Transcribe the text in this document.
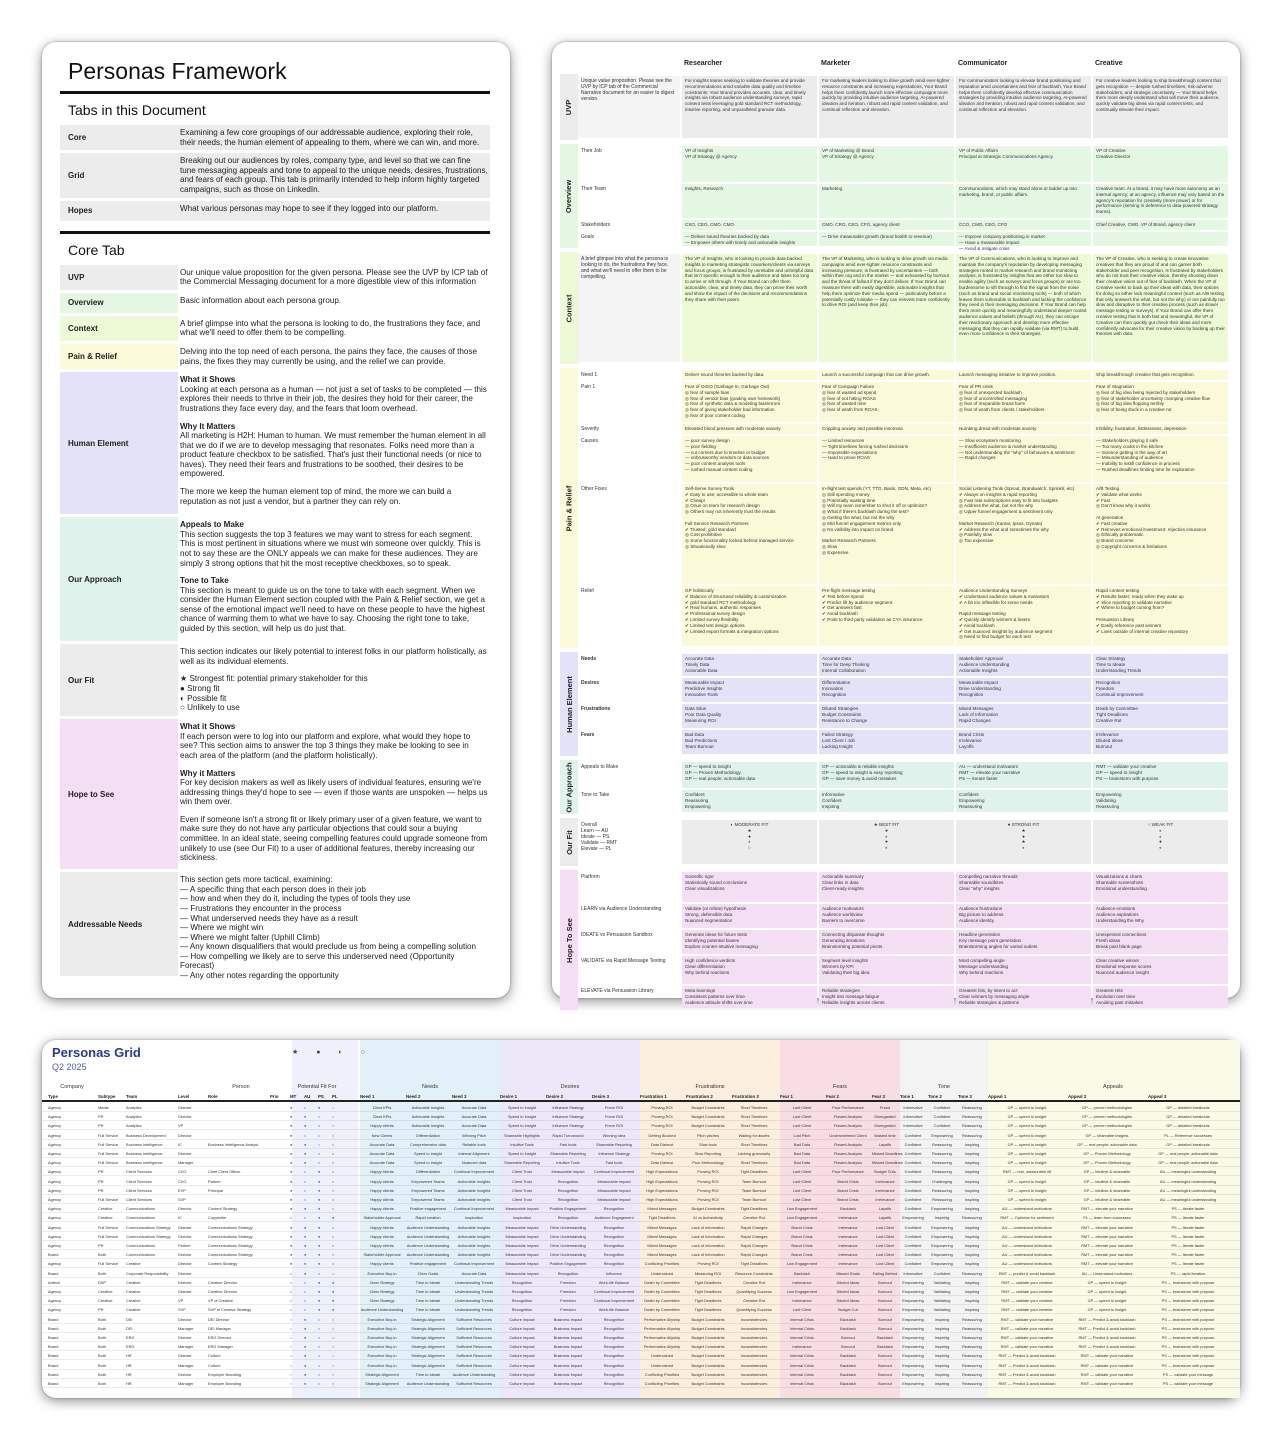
Personas Framework
Tabs in this Document
Core
Examining a few core groupings of our addressable audience, exploring their role, their needs, the human element of appealing to them, where we can win, and more.
Grid
Breaking out our audiences by roles, company type, and level so that we can fine tune messaging appeals and tone to appeal to the unique needs, desires, frustrations, and fears of each group. This tab is primarily intended to help inform highly targeted campaigns, such as those on LinkedIn.
Hopes	What various personas may hope to see if they logged into our platform.
Core Tab
UVP
Our unique value proposition for the given persona. Please see the UVP by ICP tab of the Commercial Messaging document for a more digestible view of this information
Overview	Basic information about each persona group.
Context
A brief glimpse into what the persona is looking to do, the frustrations they face, and what we'll need to offer them to be compelling.
Pain & Relief
Delving into the top need of each persona, the pains they face, the causes of those pains, the fixes they may currently be using, and the relief we can provide.
Human Element
What it Shows

Looking at each persona as a human — not just a set of tasks to be completed — this explores their needs to thrive in their job, the desires they hold for their career, the frustrations they face every day, and the fears that loom overhead.

Why It Matters

All marketing is H2H: Human to human. We must remember the human element in all that we do if we are to develop messaging that resonates. Folks need more than a product feature checkbox to be satisfied. That's just their functional needs (or nice to haves). They need their fears and frustrations to be soothed, their desires to be empowered.

The more we keep the human element top of mind, the more we can build a reputation as not just a vendor, but a partner they can rely on.

Our Approach
Appeals to Make

This section suggests the top 3 features we may want to stress for each segment. This is most pertinent in situations where we must win someone over quickly. This is not to say these are the ONLY appeals we can make for these audiences. They are simply 3 strong options that hit the most receptive checkboxes, so to speak.

Tone to Take

This section is meant to guide us on the tone to take with each segment. When we consider the Human Element section coupled with the Pain & Relief section, we get a sense of the emotional impact we'll need to have on these people to have the highest chance of warming them to what we have to say. Choosing the right tone to take, guided by this section, will help us do just that.

Our Fit

This section indicates our likely potential to interest folks in our platform holistically, as well as its individual elements.

★ Strongest fit: potential primary stakeholder for this
● Strong fit
◐ Possible fit
○ Unlikely to use
Hope to See
What it Shows

If each person were to log into our platform and explore, what would they hope to see? This section aims to answer the top 3 things they make be looking to see in each area of the platform (and the platform holistically).

Why it Matters

For key decision makers as well as likely users of individual features, ensuring we're addressing things they'd hope to see — even if those wants are unspoken — helps us win them over.

Even if someone isn't a strong fit or likely primary user of a given feature, we want to make sure they do not have any particular objections that could sour a buying committee. In an ideal state, seeing compelling features could upgrade someone from unlikely to use (see Our Fit) to a user of additional features, thereby increasing our stickiness.

Addressable Needs
This section gets more tactical, examining:
— A specific thing that each person does in their job
— how and when they do it, including the types of tools they use
— Frustrations they encounter in the process
— What underserved needs they have as a result
— Where we might win
— Where we might falter (Uphill Climb)
— Any known disqualifiers that would preclude us from being a compelling solution
— How compelling we likely are to serve this underserved need (Opportunity Forecast)
— Any other notes regarding the opportunity
Researcher	Marketer	Communicator	Creative
UVP
Unique value proposition. Please see the UVP by ICP tab of the Commercial Narrative document for an easier to digest version.
For insights teams seeking to validate theories and provide recommendations amid variable data quality and timeline constraints: Your Brand provides accurate, clear, and timely insights via robust audience understanding surveys, rapid content tests leveraging gold standard RCT methodology, intuitive reporting, and unparalleled granular data.
For marketing leaders looking to drive growth amid ever-tighter resource constraints and increasing expectations, Your Brand helps them confidently launch more effective campaigns more quickly by providing intuitive audience targeting, AI-powered ideation and iteration, robust and rapid content validation, and continual reflection and elevation.
For communicators looking to elevate brand positioning and reputation amid uncertainties and fear of backlash, Your Brand helps them confidently develop effective communication strategies by providing intuitive audience targeting, AI-powered ideation and iteration, robust and rapid content validation, and continual reflection and elevation.
For creative leaders looking to ship breakthrough content that gets recognition — despite rushed timelines, risk-adverse stakeholders, and strategic uncertainty — Your Brand helps them more deeply understand what will move their audience, quickly validate big ideas via rapid content tests, and continually elevate their impact.
Overview
Their Job	VP of Insights
VP of Strategy @ Agency
VP of Marketing @ Brand
VP of Strategy @ Agency
VP of Public Affairs
Principal at Strategic Communications Agency
VP of Creative
Creative Director
Their Team	Insights, Research	Marketing	Communications, which may stand alone or ladder up into marketing, brand, or public affairs.
Creative team. At a brand, it may have more autonomy as an internal agency; at an agency, influence may vary based on the agency's reputation for creativity (more power) or for performance (serving in deference to data-powered strategy teams).
Stakeholders	CSO, CEO, CMO, CMO	CMO, CRO, CEO, CFO, agency client	CCO, CMO, CEO, CFO	Chief Creative, CMO, VP of Brand, agency client
Goals	— Deliver sound theories backed by data
— Empower others with timely and actionable insights
— Drive measurable growth (brand health to revenue)	— Improve company positioning in market
— Have a measurable impact
— Avoid & mitigate crisis
Context
A brief glimpse into what the persona is looking to do, the frustrations they face, and what we'll need to offer them to be compelling.
The VP of Insights, who is looking to provide data-backed insights to marketing strategists coworkers/clients via surveys and focus groups, is frustrated by unreliable and unhelpful data that isn't specific enough to their audience and takes too long to arrive or sift through. If Your Brand can offer them actionable, clear, and timely data, they can prove their worth and show the impact of the decisions and recommendations they share with their peers.
The VP of Marketing, who is looking to drive growth via media campaigns amid ever-tighter resource constraints and increasing pressure, is frustrated by uncertainties — both within their org and in the market — and exhausted by burnout and the threat of fallout if they don't deliver. If Your Brand can reassure them with easily digestible, actionable insights that help them optimize their media spend — particularly before a potentially costly mistake — they can reinvest more confidently to drive ROI (and keep their job).
The VP of Communications, who is looking to improve and maintain the company's reputation by developing messaging strategies rooted in market research and brand monitoring analysis, is frustrated by insights that are either too slow to enable agility (such as surveys and focus groups) or are too burdensome to sift through to find the signal from the noise (such as brand and social monitoring tools) — both of which leaves them vulnerable to backlash and lacking the confidence they need in their messaging decisions. If Your Brand can help them more quickly and meaningfully understand deeper rooted audience values and beliefs (through AU), they can escape their reactionary approach and develop more effective messaging that they can rapidly validate (via RMT) to build even more confidence in their strategies.
The VP of Creative, who is seeking to create innovative creatives that they are proud of and can garner both stakeholder and peer recognition, is frustrated by stakeholders who do not trust their creative vision, thereby shooting down their creative vision out of fear of backlash. When the VP of Creative seeks to back up their ideas with data, their options for doing so either lack meaningful context (such as A/B testing that only answers the what, but not the why) or are painfully too slow and disruptive to their creative process (such as slower message testing or surveys). If Your Brand can offer them creative testing that is both fast and meaningful, the VP of Creative can then quickly gut check their ideas and more confidently advocate for their creative vision by backing up their theories with data.
Pain & Relief
Need 1	Deliver sound theories backed by data.	Launch a successful campaign that can drive growth.	Launch messaging initiative to improve position.	Ship breakthrough creative that gets recognition.
Pain 1	Fear of GIGO (Garbage In, Garbage Out)
◎ fear of sample bias
◎ fear of vendor bias (grading own homework)
◎ fear of synthetic data & modeling bias/errors
◎ fear of giving stakeholder bad information
◎ fear of poor content coding
Fear of Campaign Failure
◎ fear of wasted ad spend
◎ fear of not hitting ROAS
◎ fear of wasted time
◎ fear of wrath from ROAS
Fear of PR crisis
◎ fear of unexpected backlash
◎ fear of uncontrolled messaging
◎ fear of irreparable brand harm
◎ fear of wrath from clients / stakeholders
Fear of Stagnation
◎ fear of big idea being rejected by stakeholders
◎ fear of stakeholder uncertainty cramping creative flow
◎ fear of big idea flopping terribly
◎ fear of being stuck in a creative rut
Severity	Elevated blood pressure with moderate anxiety	Crippling anxiety and possible insomnia	Numbing dread with moderate anxiety	Irritibility, frustration, listlessness, depression
Causes	— poor survey design
— poor fielding
— cut corners due to timeline or budget
— unbrusworthy vendors or data sources
— poor content analysis tools
— rushed manual content coding
— Limited resources
— Tight timelines forcing rushed decisions
— Impossible expectations
— Hard to prove ROAS
— Slow ecosystem monitoring
— Insufficient audience & market understanding
— Not understanding the "why" of behaviors & sentiment
— Rapid changes
— Stakeholders playing it safe
— Too many cooks in the kitchen
— Science getting in the way of art
— Misunderstanding of audience
— Inability to instill confidence in process
— Rushed deadlines limiting time for exploration
Other Fixes	Self-Serve Survey Tools
✔ Easy to use; accessible to whole team
✔ Cheap!
◎ Onus on team for research design
◎ Others may not inherently trust the results

Full Service Research Partners
✔ Trusted; gold standard
◎ Cost prohibitive
◎ Some functionality locked behind managed service
◎ Situationally slow
In-flight test spends (YT, TTD, Basis, GDN, Meta, etc)
◎ Still spending money
◎ Potentially wasting time
◎ Will my team remember to shut it off or optimize?
◎ What if there's backlash during the test?
◎ Getting the what, but not the why
◎ Mid funnel engagement metrics only
◎ No visibility into impact on brand

Market Research Partners
◎ Slow
◎ Expensive
Social Listening Tools (Sprout, Brandwatch, Sprinklr, etc)
✔ Always on insights & rapid reporting
◎ Fast rate subscriptions easy to fit into budgets
◎ Address the what, but not the why
◎ Upper funnel engagement & sentiment only

Market Research (Kantar, Ipsos, Dynata)
✔ Address the what and sometimes the why
◎ Painfully slow
◎ Too expensive
A/B Testing
✔ Validate what works
✔ Fast
◎ Don't know why it works

AI generation
✔ Fast creative
✔ Removes emotional investment: rejection insurance
◎ Ethically problematic
◎ Brand concerns
◎ Copyright concerns & limitations
Relief	GP holistically
✔ Balance of structured reliability & customization
✔ gold standard RCT methodology
✔ Real humans, authentic responses
✔ Professional survey design
✔ Limited survey flexibility
✔ Limited test design options
✔ Limited export formats & integration options
Pre-flight message testing
✔ Test before spend
✔ Predict lift by audience segment
✔ Get answers fast
✔ Avoid backlash
✔ Point to third party validation as CYA insurance
Audience Understanding Surveys
✔ Understand audience values & motivators
✔ A bit too inflexible for some needs

Rapid message testing
✔ Quickly identify winners & losers
✔ Avoid backlash
✔ Get nuanced insights by audience segment
◎ Need to find budget for each test
Rapid content testing
✔ Results faster; ready when they wake up
✔ Slice reporting to validate narrative
✔ Where to budget coming from?

Persuasion Library
✔ Easily reference past winners
✔ Lives outside of internal creative repository
Human Element
Needs	Accurate Data
Timely Data
Actionable Data
Accurate Data
Time for Deep Thinking
Internal Collaboration
Stakeholder Approval
Audience Understanding
Actionable Insights
Clear Strategy
Time to Ideate
Understanding Trends
Desires	Measurable Impact
Predictive Insights
Innovative Tools
Differentiation
Innovation
Recognition
Measurable Impact
Drive Understanding
Recognition
Recognition
Freedom
Continual Improvement
Frustrations	Data Silos
Poor Data Quality
Measuring ROI
Diluted Strategies
Budget Constraints
Resistance to Change
Mixed Messages
Lack of Information
Rapid Changes
Death by Committee
Tight Deadlines
Creative Rut
Fears	Bad Data
Bad Predictions
Team Burnout
Failed Strategy
Lost Client / Job
Lacking Insight
Brand Crisis
Irrelevance
Layoffs
Irrelevance
Diluted Ideas
Burnout
Our Approach	Appeals to Make	GP — speed to insight
GP — Proven Methodology
GP — real people; actionable data
GP — actionable & reliable insights
GP — speed to insight & easy reporting
GP — save money & avoid mistakes
AU — understand motivators
RMT — elevate your narrative
PS — iterate faster
RMT — validate your creative
GP — speed to insight
PS — brainstorm with purpose
Tone to Take	Confident
Reassuring
Empowering
Informative
Confident
Inspiring
Confident
Empowering
Reassuring
Empowering
Validating
Reassuring
Our Fit
Overall
Learn — AU
Ideate — PS
Validate — RMT
Elevate — PL
◐ MODERATE FIT
★
●
◐
○
★ BEST FIT
●
◐
●
◐
● STRONG FIT
★
●
★
◐
○ WEAK FIT
◐
◐
●
◐
Hope To See
Platform	Scientific rigor
Statistically sound conclusions
Clear visualizations
Actionable summary
Clear links in data
Client-ready insights
Compelling narrative threads
Shareable soundbites
Clear "why" insights
Visualizations & charts
Shareable screenshots
Emotional understanding
LEARN via Audience Understanding	Validate (or refute) hypothesis
Strong, defensible data
Nuanced segmentation
Audience motivators
Audience worldview
Barriers to overcome
Audience frustrations
Big picture to address
Audience identity
Audience emotions
Audience aspirations
Understanding the Why
IDEATE vs Persuasion Sandbox	Generate ideas for future tests
Identifying potential biases
Explore counter-intuitive messaging
Connecting disparate thoughts
Generating iterations
Brainstorming potential pivots
Headline generation
Key message point generation
Brainstorming angles for varied outlets
Unexpected connections
Fresh ideas
Break past blank page
VALIDATE via Rapid Message Testing	High confidence verdicts
Clear differentiation
Why behind reactions
Segment level insights
Winners by KPI
Validating their big idea
Most compelling angle
Message understanding
Why behind reactions
Clear creative winner
Emotional response scores
Nuanced audience insight
ELEVATE via Persuasion Library	Meta learnings
Consistent patterns over time
Audience attitude shifts over time
Reliable strategies
Insight into message fatigue
Reliable insights across clients
Greatest hits, by intent to act
Clear winners by messaging angle
Reliable strategies & patterns
Greatest Hits
Evolution over time
Avoiding past mistakes
Personas Grid
Q2 2025
★ ● ◐ ○
Company	Person	Potential Fit For	Needs	Desires	Frustrations	Fears	Tone	Appeals
Type	Subtype	Team	Level	Role	Prio	MT	AU	PS	PL	Need 1	Need 2	Need 3	Desire 1	Desire 2	Desire 3	Frustration 1	Frustration 2	Frustration 3	Fear 1	Fear 2	Fear 3	Tone 1	Tone 2	Tone 3	Appeal 1	Appeal 2	Appeal 3
Agency	Media	Analytics	Director	●	◐	●	○	Clear KPIs	Actionable Insights	Accurate Data	Speed to Insight	Influence Strategy	Prove ROI	Proving ROI	Budget Constraints	Short Timelines	Lost Client	Poor Performance	Fraud	Informative	Confident	Reassuring	GP — speed to insight	GP — proven methodologies	GP — detailed breakouts
Agency	PR	Analytics	Director	●	●	◐	○	Clear KPIs	Actionable Insights	Accurate Data	Speed to Insight	Influence Strategy	Prove ROI	Proving ROI	Budget Constraints	Short Timelines	Lost Client	Flawed Analysis	Disregarded	Informative	Confident	Reassuring	GP — speed to insight	GP — proven methodologies	GP — detailed breakouts
Agency	PR	Analytics	VP	●	●	◐	○	Happy clients	Actionable Insights	Accurate Data	Speed to Insight	Influence Strategy	Prove ROI	Proving ROI	Budget Constraints	Short Timelines	Lost Client	Flawed Analysis	Disregarded	Informative	Confident	Reassuring	GP — speed to insight	GP — proven methodologies	GP — detailed breakouts
Agency	Full Service	Business Development	Director	●	◐	◐	○	New Clients	Differentiation	Winning Pitch	Shareable Highlights	Rapid Turnaround	Winning Idea	Getting Blocked	Pitch pitches	Waiting for assets	Lost Pitch	Underwhelmed Client	Wasted time	Confident	Empowering	Reassuring	GP — speed to insight	GP — shareable insights	PL — Reference successes
Agency	Full Service	Business Intelligence	IC	Business Intelligence Analyst	●	●	○	◐	Accurate Data	Comprehensive data	Reliable tools	Intuitive Tools	Fast tools	Shareable Reporting	Data Distrust	Slow tools	Short Timelines	Bad Data	Flawed Analysis	Layoffs	Confident	Reassuring	Inspiring	GP — speed to insight	GP — real people; actionable data	GP — detailed breakouts
Agency	Full Service	Business Intelligence	Director	●	●	◐	◐	Accurate Data	Speed to insight	Internal Alignment	Speed to Insight	Shareable Reporting	Influence Strategy	Proving ROI	Slow Reporting	Lacking granularity	Bad Data	Flawed Analysis	Missed Deadlines Confident	Reassuring	Inspiring	GP — speed to insight	GP — Proven Methodology	GP — real people; actionable data
Agency	Full Service	Business Intelligence	Manager	●	●	◐	◐	Accurate Data	Speed to insight	Nuanced data	Shareable Reporting	Intuitive Tools	Fast tools	Data Distrust	Poor Methodology	Short Timelines	Bad Data	Flawed Analysis	Missed Deadlines Confident	Reassuring	Inspiring	GP — speed to insight	GP — Proven Methodology	GP — real people; actionable data
Agency	PR	Client Services	CXO	Chief Client Officer	●	◐	●	◐	Happy clients	Differentiation	Continual Improvement	Client Trust	Measurable Impact	Continual Improvement	High Expectations	Proving ROI	Tight Deadlines	Lost Client	Poor Performance	Budget Cuts	Confident	Reassuring	Inspiring	RMT — real, measurable lift	GP — intuitive & shareable	AU — meaningful understanding
Agency	PR	Client Services	CXO	Partner	●	◐	●	◐	Happy clients	Empowered Teams	Actionable Insights	Client Trust	Recognition	Measurable Impact	High Expectations	Proving ROI	Team Burnout	Lost Client	Brand Crisis	Irrelevance	Confident	Challenging	Inspiring	GP — speed to insight	GP — intuitive & shareable	AU — meaningful understanding
Agency	PR	Client Services	EVP	Principal	●	◐	●	◐	Happy clients	Empowered Teams	Actionable Insights	Client Trust	Recognition	Measurable Impact	High Expectations	Proving ROI	Team Burnout	Lost Client	Brand Crisis	Irrelevance	Confident	Reassuring	Inspiring	GP — speed to insight	GP — intuitive & shareable	AU — meaningful understanding
Agency	Full Service	Client Services	SVP	●	◐	●	◐	Happy clients	Empowered Teams	Actionable Insights	Client Trust	Recognition	Measurable Impact	High Expectations	Proving ROI	Team Burnout	Lost Client	Brand Crisis	Irrelevance	Confident	Reassuring	Inspiring	GP — speed to insight	GP — intuitive & shareable	AU — meaningful understanding
Agency	Creative	Communications	Director	Content Strategy	●	●	●	◐	Happy clients	Positive engagement	Continual Improvement	Measurable Impact	Positive Engagement	Recognition	Mixed Messages	Budget Constraints	Tight Deadlines	Low Engagement	Backlash	Layoffs	Confident	Empowering	Inspiring	AU — understand motivators	RMT — elevate your narrative	PS — iterate faster
Agency	Creative	Communications	IC	Copywriter	◐	◐	●	●	Stakeholder Approval	Rapid creation	Inspiration	Inspiration	Recognition	Audience Engagement	Tight Deadlines	AI vs Authenticity	Creative Rut	Low Engagement	Irrelevance	Layoffs	Empowering	Inspiring	Reassuring	RMT — Optimize for sentiment	PL — learn from successes	PS — Iterate faster
Agency	Full Service	Communications Strategy	Director	Communications Strategy	●	●	●	◐	Happy clients	Audience Understanding	Actionable Insights	Measurable Impact	Drive Understanding	Recognition	Mixed Messages	Lack of Information	Rapid Changes	Brand Crisis	Irrelevance	Lost Client	Confident	Empowering	Inspiring	AU — understand motivators	RMT — elevate your narrative	PS — Iterate faster
Agency	Full Service	Communications Strategy	Director	Communications Strategy	●	●	●	◐	Happy clients	Audience Understanding	Actionable Insights	Measurable Impact	Drive Understanding	Recognition	Mixed Messages	Lack of Information	Rapid Changes	Brand Crisis	Irrelevance	Lost Client	Confident	Empowering	Inspiring	AU — understand motivators	RMT — elevate your narrative	PS — Iterate faster
Agency	PR	Communications	Partner	Communications Strategy	●	●	●	◐	Happy clients	Audience Understanding	Actionable Insights	Measurable Impact	Drive Understanding	Recognition	Mixed Messages	Lack of Information	Rapid Changes	Brand Crisis	Irrelevance	Lost Client	Confident	Empowering	Inspiring	AU — understand motivators	RMT — elevate your narrative	PS — Iterate faster
Brand	Both	Communications	Director	Communications Strategy	●	●	●	◐	Stakeholder Approval	Audience Understanding	Actionable Insights	Measurable Impact	Drive Understanding	Recognition	Mixed Messages	Lack of Information	Rapid Changes	Brand Crisis	Irrelevance	Lost Client	Confident	Empowering	Inspiring	AU — understand motivators	RMT — elevate your narrative	PS — Iterate faster
Agency	Full Service	Creative	Director	Content Strategy	●	●	●	◐	Happy clients	Positive engagement	Continual Improvement	Measurable Impact	Positive Engagement	Recognition	Conflicting Priorities	Proving ROI	Tight Deadlines	Low Engagement	Irrelevance	Lost Client	Confident	Empowering	Inspiring	AU — understand motivators	RMT — elevate your narrative	PS — Iterate faster
Brand	Both	Corporate Responsibility	Director	◐	●	◐	○	Executive Buy-in	Clear Goals	Accurate Data	Measurable Impact	Recognition	Influence	Undervalued	Measuring ROI	Resource Constraints	Backlash	Missed Goals	Falling Behind	Informative	Confident	Reassuring	RMT — predict & avoid backlash	AU — Understand motivators	PS — rapid iteration
Adtech	DSP	Creative	Director	Creative Director	◐	◐	●	●	Clear Strategy	Time to Ideate	Understanding Trends	Recognition	Freedom	Work-life Balance	Death by Committee	Tight Deadlines	Creative Rut	Irrelevance	Diluted Ideas	Burnout	Empowering	Validating	Inspiring	RMT — validate your creative	GP — speed to insight	PS — brainstorm with purpose
Agency	Creative	Creative	Director	Creative Director	◐	◐	●	●	Clear Strategy	Time to Ideate	Understanding Trends	Recognition	Freedom	Continual Improvement	Death by Committee	Tight Deadlines	Quantifying Success	Low Engagement	Diluted Ideas	Burnout	Empowering	Validating	Inspiring	RMT — validate your creative	GP — speed to insight	PS — brainstorm with purpose
Agency	Creative	Creative	VP	VP of Creative	◐	◐	●	●	Clear Strategy	Time to Ideate	Understanding Trends	Recognition	Freedom	Continual Improvement	Death by Committee	Tight Deadlines	Creative Rut	Irrelevance	Diluted Ideas	Burnout	Empowering	Validating	Inspiring	RMT — validate your creative	GP — speed to insight	PS — brainstorm with purpose
Agency	PR	Creative	SVP	SVP of Creative Strategy	◐	◐	●	●	Audience Understanding	Time to Ideate	Understanding Trends	Recognition	Freedom	Work-life Balance	Death by Committee	Tight Deadlines	Quantifying Success	Lost Client	Budget Cut	Burnout	Empowering	Validating	Inspiring	RMT — validate your creative	GP — speed to insight	PS — brainstorm with purpose
Brand	Both	DEI	Director	DEI Director	○	●	◐	○	Executive Buy-in	Strategic Alignment	Sufficient Resources	Culture Impact	Business Impact	Recognition	Performative Allyship	Budget Constraints	Inconsistencies	Internal Crisis	Backlash	Burnout	Empowering	Inspiring	Reassuring	RMT — validate your narrative	RMT — Predict & avoid backlash	PS — brainstorm with purpose
Brand	Both	DEI	Manager	DEI Manager	○	●	◐	○	Executive Buy-in	Strategic Alignment	Sufficient Resources	Culture Impact	Business Impact	Recognition	Performative Allyship	Budget Constraints	Inconsistencies	Internal Crisis	Backlash	Burnout	Empowering	Inspiring	Reassuring	RMT — validate your narrative	RMT — Predict & avoid backlash	PS — brainstorm with purpose
Brand	Both	ERG	Director	ERG Director	○	●	◐	○	Executive Buy-in	Strategic Alignment	Sufficient Resources	Culture Impact	Business Impact	Recognition	Performative Allyship	Budget Constraints	Inconsistencies	Internal Crisis	Burnout	Backlash	Empowering	Inspiring	Reassuring	RMT — validate your narrative	RMT — Predict & avoid backlash	PS — brainstorm with purpose
Brand	Both	ERG	Manager	ERG Manager	○	●	◐	○	Executive Buy-in	Strategic Alignment	Sufficient Resources	Culture Impact	Business Impact	Recognition	Performative Allyship	Budget Constraints	Inconsistencies	Irrelevance	Burnout	Backlash	Empowering	Inspiring	Reassuring	RMT — validate your narrative	RMT — Predict & avoid backlash	PS — brainstorm with purpose
Brand	Both	HR	Director	Culture	○	●	◐	○	Executive Buy-in	Strategic Alignment	Sufficient Resources	Culture Impact	Business Impact	Recognition	Undervalued	Budget Constraints	Inconsistencies	Internal Crisis	Backlash	Burnout	Empowering	Inspiring	Reassuring	RMT — Predict & avoid backlash	RMT — validate your narrative	PS — brainstorm with purpose
Brand	Both	HR	Manager	Culture	○	●	◐	○	Executive Buy-in	Strategic Alignment	Sufficient Resources	Culture Impact	Business Impact	Recognition	Undervalued	Budget Constraints	Inconsistencies	Internal Crisis	Backlash	Burnout	Empowering	Inspiring	Reassuring	RMT — Predict & avoid backlash	RMT — validate your narrative	PS — brainstorm with purpose
Brand	Both	HR	Director	Employer Branding	○	●	◐	○	Strategic Alignment	Time to Ideate	Audience Understanding	Culture Impact	Business Impact	Recognition	Conflicting Priorities	Budget Constraints	Inconsistencies	Internal Crisis	Backlash	Burnout	Empowering	Inspiring	Reassuring	RMT — Predict & avoid backlash	RMT — validate your narrative	PS — validate your message
Brand	Both	HR	Manager	Employer Branding	○	●	◐	○	Strategic Alignment	Audience Understanding	Sufficient Resources	Culture Impact	Business Impact	Recognition	Conflicting Priorities	Budget Constraints	Inconsistencies	Internal Crisis	Backlash	Burnout	Empowering	Inspiring	Reassuring	RMT — Predict & avoid backlash	RMT — validate your narrative	PS — validate your message
